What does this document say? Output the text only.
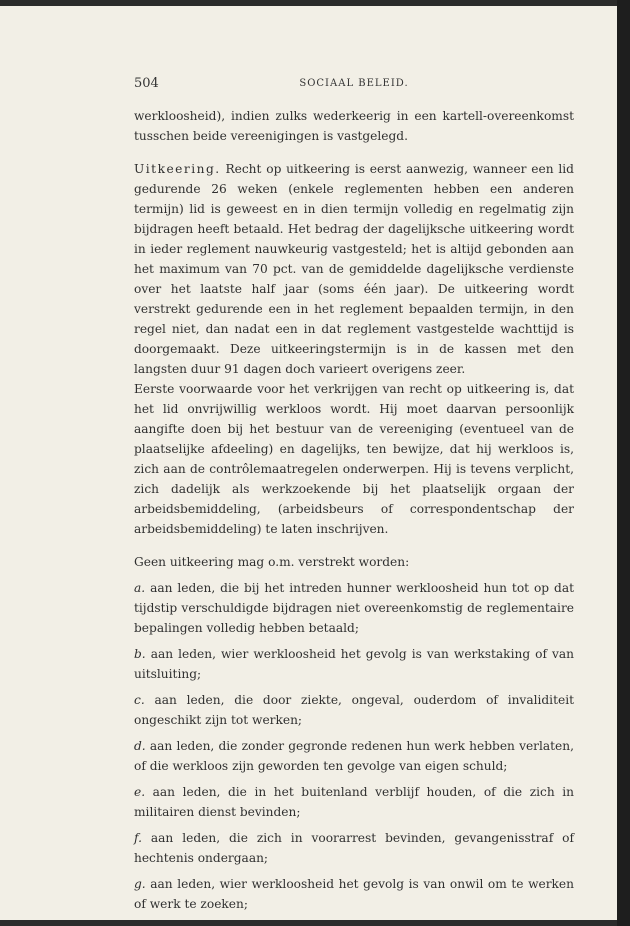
504	SOCIAAL BELEID.

werkloosheid), indien zulks wederkeerig in een kartell-overeenkomst tusschen beide vereenigingen is vastgelegd.

Uitkeering. Recht op uitkeering is eerst aanwezig, wanneer een lid gedurende 26 weken (enkele reglementen hebben een anderen termijn) lid is geweest en in dien termijn volledig en regelmatig zijn bijdragen heeft betaald. Het bedrag der dagelijksche uitkeering wordt in ieder reglement nauwkeurig vastgesteld; het is altijd gebonden aan het maximum van 70 pct. van de gemiddelde dagelijksche verdienste over het laatste half jaar (soms één jaar). De uitkeering wordt verstrekt gedurende een in het reglement bepaalden termijn, in den regel niet, dan nadat een in dat reglement vastgestelde wachttijd is doorgemaakt. Deze uitkeeringstermijn is in de kassen met den langsten duur 91 dagen doch varieert overigens zeer.

Eerste voorwaarde voor het verkrijgen van recht op uitkeering is, dat het lid onvrijwillig werkloos wordt. Hij moet daarvan persoonlijk aangifte doen bij het bestuur van de vereeniging (eventueel van de plaatselijke afdeeling) en dagelijks, ten bewijze, dat hij werkloos is, zich aan de contrôlemaatregelen onderwerpen. Hij is tevens verplicht, zich dadelijk als werkzoekende bij het plaatselijk orgaan der arbeidsbemiddeling, (arbeidsbeurs of correspondentschap der arbeidsbemiddeling) te laten inschrijven.

Geen uitkeering mag o.m. verstrekt worden:

a. aan leden, die bij het intreden hunner werkloosheid hun tot op dat tijdstip verschuldigde bijdragen niet overeenkomstig de reglementaire bepalingen volledig hebben betaald;

b. aan leden, wier werkloosheid het gevolg is van werkstaking of van uitsluiting;

c. aan leden, die door ziekte, ongeval, ouderdom of invaliditeit ongeschikt zijn tot werken;

d. aan leden, die zonder gegronde redenen hun werk hebben verlaten, of die werkloos zijn geworden ten gevolge van eigen schuld;

e. aan leden, die in het buitenland verblijf houden, of die zich in militairen dienst bevinden;

f. aan leden, die zich in voorarrest bevinden, gevangenisstraf of hechtenis ondergaan;

g. aan leden, wier werkloosheid het gevolg is van onwil om te werken of werk te zoeken;
